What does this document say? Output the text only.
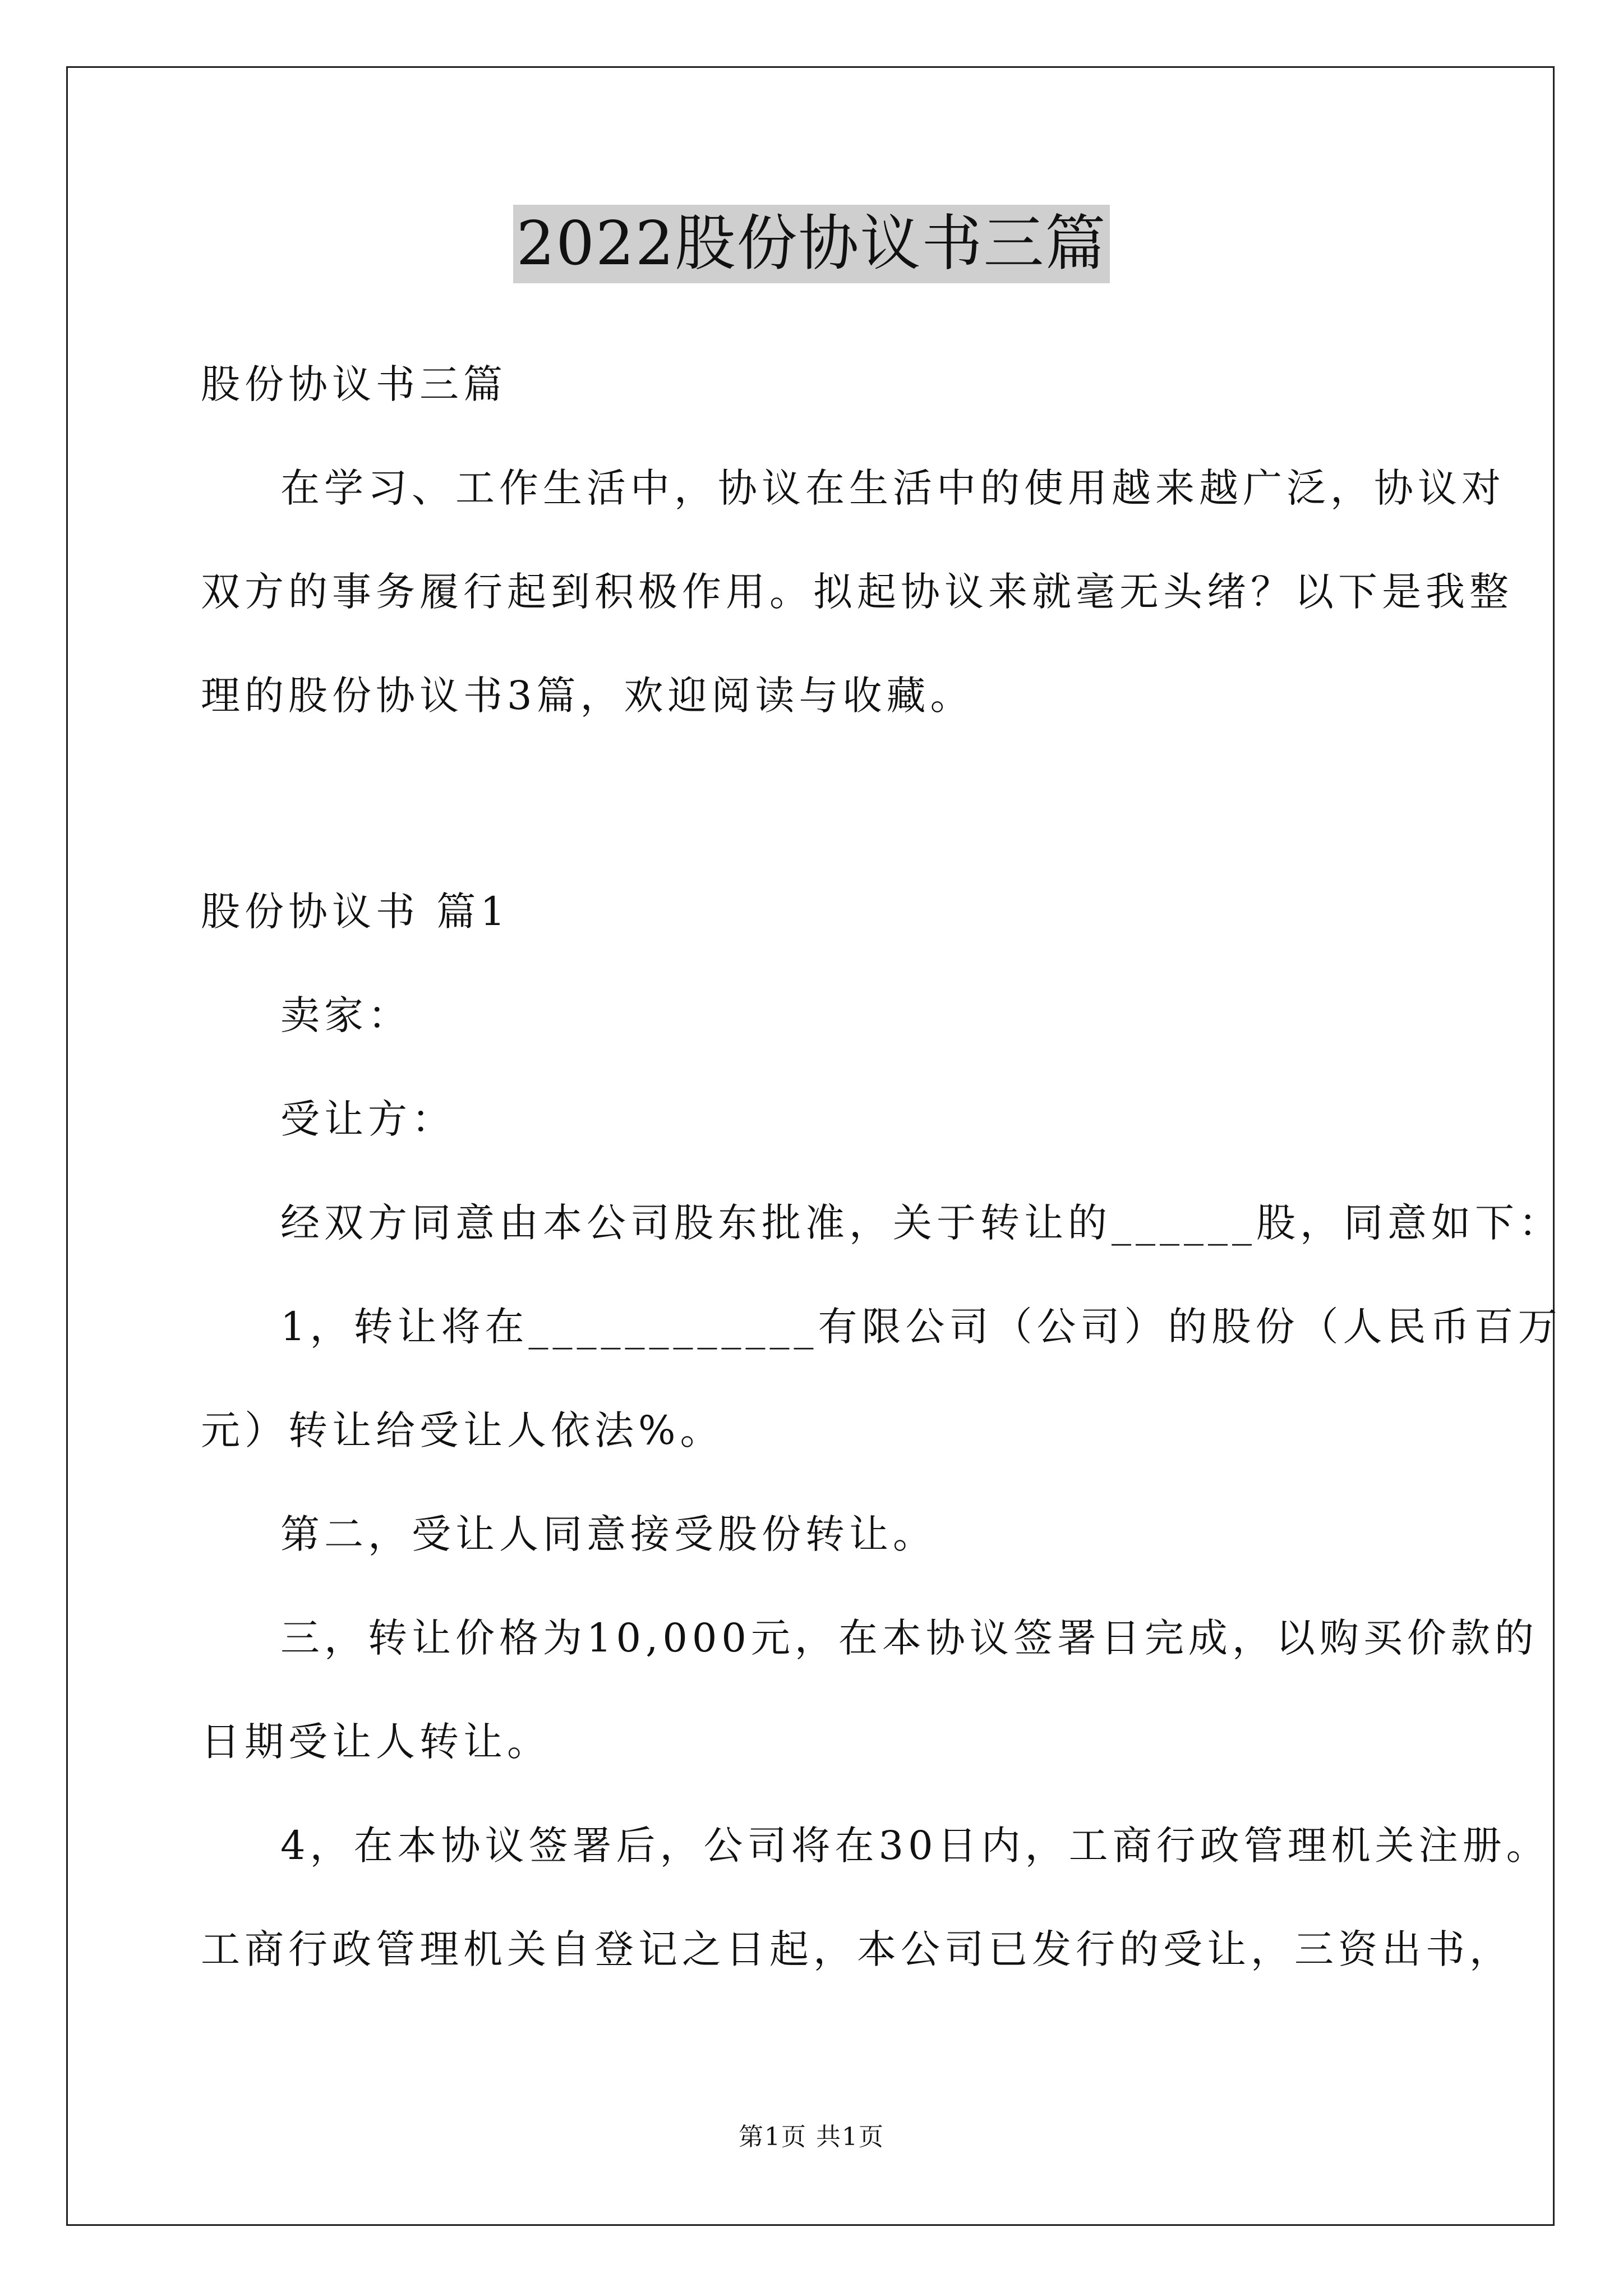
2022股份协议书三篇
股份协议书三篇
在学习、工作生活中，协议在生活中的使用越来越广泛，协议对
双方的事务履行起到积极作用。拟起协议来就毫无头绪？以下是我整
理的股份协议书3篇，欢迎阅读与收藏。
股份协议书 篇1
卖家：
受让方：
经双方同意由本公司股东批准，关于转让的______股，同意如下：
1，转让将在____________有限公司（公司）的股份（人民币百万
元）转让给受让人依法%。
第二，受让人同意接受股份转让。
三，转让价格为10,000元，在本协议签署日完成，以购买价款的
日期受让人转让。
4，在本协议签署后，公司将在30日内，工商行政管理机关注册。
工商行政管理机关自登记之日起，本公司已发行的受让，三资出书，
第1页 共1页
